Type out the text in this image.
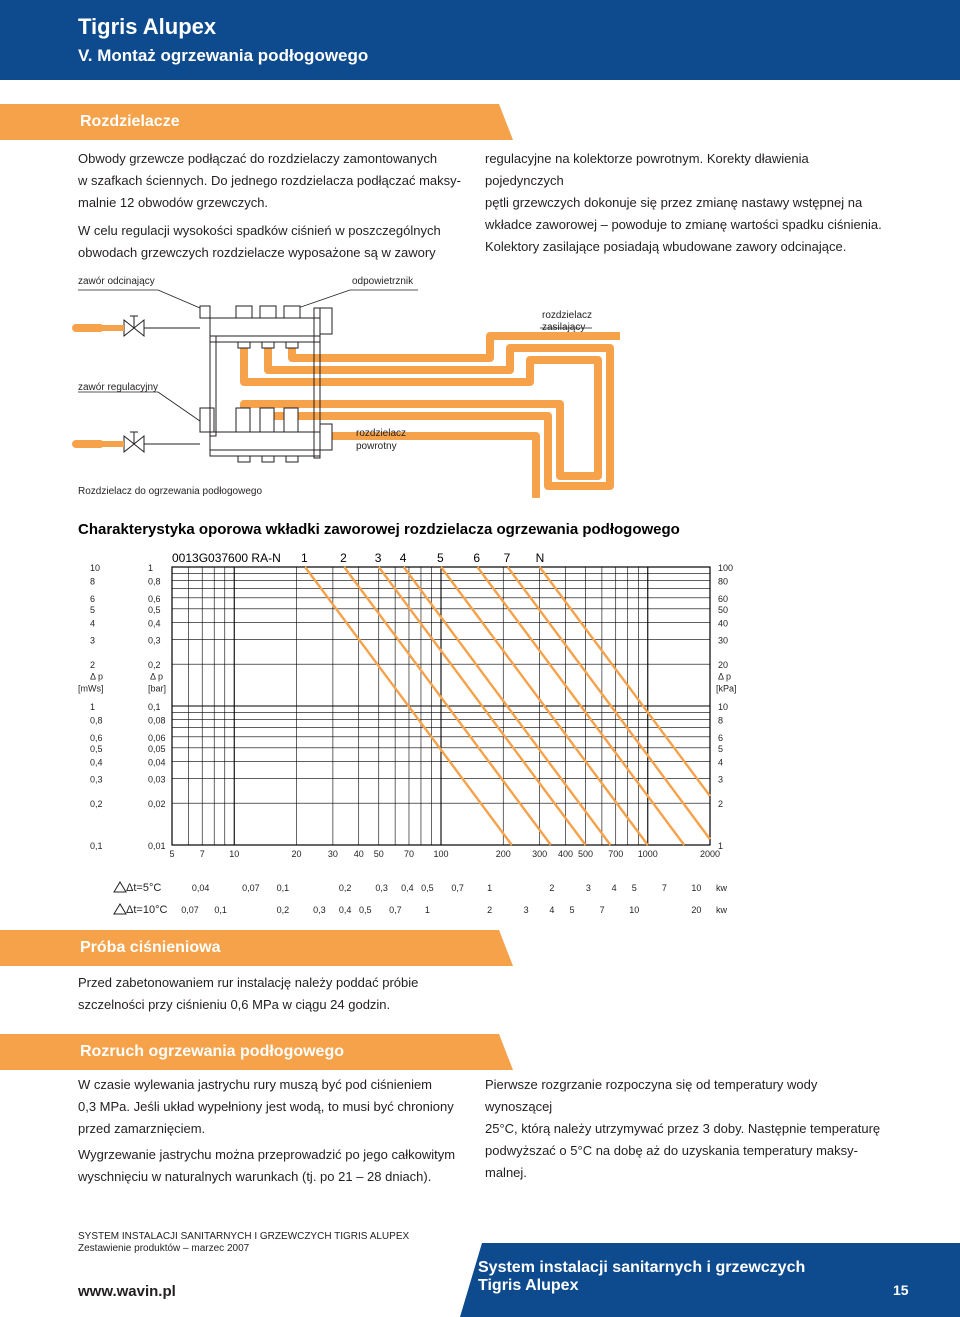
Tigris Alupex
V. Montaż ogrzewania podłogowego
Rozdzielacze
Obwody grzewcze podłączać do rozdzielaczy zamontowanych
w szafkach ściennych. Do jednego rozdzielacza podłączać maksy-
malnie 12 obwodów grzewczych.
W celu regulacji wysokości spadków ciśnień w poszczególnych
obwodach grzewczych rozdzielacze wyposażone są w zawory
regulacyjne na kolektorze powrotnym. Korekty dławienia pojedynczych
pętli grzewczych dokonuje się przez zmianę nastawy wstępnej na
wkładce zaworowej – powoduje to zmianę wartości spadku ciśnienia.
Kolektory zasilające posiadają wbudowane zawory odcinające.
zawór odcinający	odpowietrznik
rozdzielacz
zasilający
zawór regulacyjny
rozdzielacz
powrotny
Rozdzielacz do ogrzewania podłogowego
Charakterystyka oporowa wkładki zaworowej rozdzielacza ogrzewania podłogowego
1	2 3 4	5 6 7 N
0,1	0,01	1
0,2	0,02	2
0,3	0,03	3
0,4	0,04	4
0,5	0,05	5
0,6	0,06	6
0,8	0,08	8
1	0,1	10
2	0,2	20
3	0,3	30
4	0,4	40
5	0,5	50
6	0,6	60
8	0,8	80
10	1	100
Δ p
[mWs]
Δ p
[bar]
Δ p
[kPa]
5	7	10	20	30 40 50 70 100	200 300 400 500 700 1000	2000
Δt=5°C	0,04	0,07 0,1	0,2	0,3 0,4 0,5 0,7	1	2	3 4 5	7	10 kw
Δt=10°C 0,07 0,1	0,2	0,3 0,4 0,5 0,7	1	2	3 4 5	7	10	20 kw
0013G037600 RA-N
Próba ciśnieniowa
Przed zabetonowaniem rur instalację należy poddać próbie
szczelności przy ciśnieniu 0,6 MPa w ciągu 24 godzin.
Rozruch ogrzewania podłogowego
W czasie wylewania jastrychu rury muszą być pod ciśnieniem
0,3 MPa. Jeśli układ wypełniony jest wodą, to musi być chroniony
przed zamarznięciem.
Wygrzewanie jastrychu można przeprowadzić po jego całkowitym
wyschnięciu w naturalnych warunkach (tj. po 21 – 28 dniach).
Pierwsze rozgrzanie rozpoczyna się od temperatury wody wynoszącej
25°C, którą należy utrzymywać przez 3 doby. Następnie temperaturę
podwyższać o 5°C na dobę aż do uzyskania temperatury maksy-
malnej.
SYSTEM INSTALACJI SANITARNYCH I GRZEWCZYCH TIGRIS ALUPEX
Zestawienie produktów – marzec 2007
www.wavin.pl
System instalacji sanitarnych i grzewczych
Tigris Alupex	15
